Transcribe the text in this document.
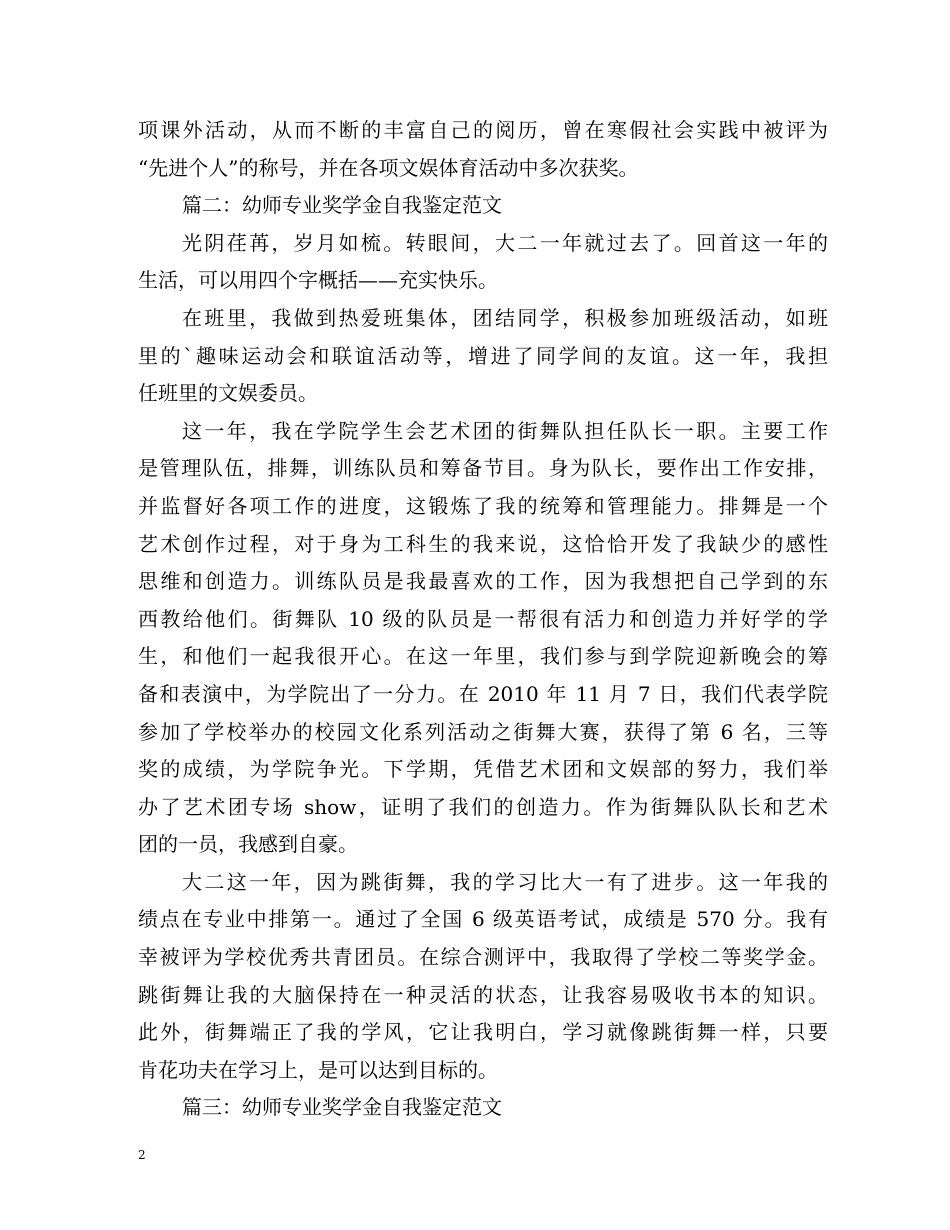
项课外活动，从而不断的丰富自己的阅历，曾在寒假社会实践中被评为
“先进个人”的称号，并在各项文娱体育活动中多次获奖。
篇二：幼师专业奖学金自我鉴定范文
光阴荏苒，岁月如梳。转眼间，大二一年就过去了。回首这一年的
生活，可以用四个字概括——充实快乐。
在班里，我做到热爱班集体，团结同学，积极参加班级活动，如班
里的`趣味运动会和联谊活动等，增进了同学间的友谊。这一年，我担
任班里的文娱委员。
这一年，我在学院学生会艺术团的街舞队担任队长一职。主要工作
是管理队伍，排舞，训练队员和筹备节目。身为队长，要作出工作安排，
并监督好各项工作的进度，这锻炼了我的统筹和管理能力。排舞是一个
艺术创作过程，对于身为工科生的我来说，这恰恰开发了我缺少的感性
思维和创造力。训练队员是我最喜欢的工作，因为我想把自己学到的东
西教给他们。街舞队 10 级的队员是一帮很有活力和创造力并好学的学
生，和他们一起我很开心。在这一年里，我们参与到学院迎新晚会的筹
备和表演中，为学院出了一分力。在 2010 年 11 月 7 日，我们代表学院
参加了学校举办的校园文化系列活动之街舞大赛，获得了第 6 名，三等
奖的成绩，为学院争光。下学期，凭借艺术团和文娱部的努力，我们举
办了艺术团专场 show，证明了我们的创造力。作为街舞队队长和艺术
团的一员，我感到自豪。
大二这一年，因为跳街舞，我的学习比大一有了进步。这一年我的
绩点在专业中排第一。通过了全国 6 级英语考试，成绩是 570 分。我有
幸被评为学校优秀共青团员。在综合测评中，我取得了学校二等奖学金。
跳街舞让我的大脑保持在一种灵活的状态，让我容易吸收书本的知识。
此外，街舞端正了我的学风，它让我明白，学习就像跳街舞一样，只要
肯花功夫在学习上，是可以达到目标的。
篇三：幼师专业奖学金自我鉴定范文
2
